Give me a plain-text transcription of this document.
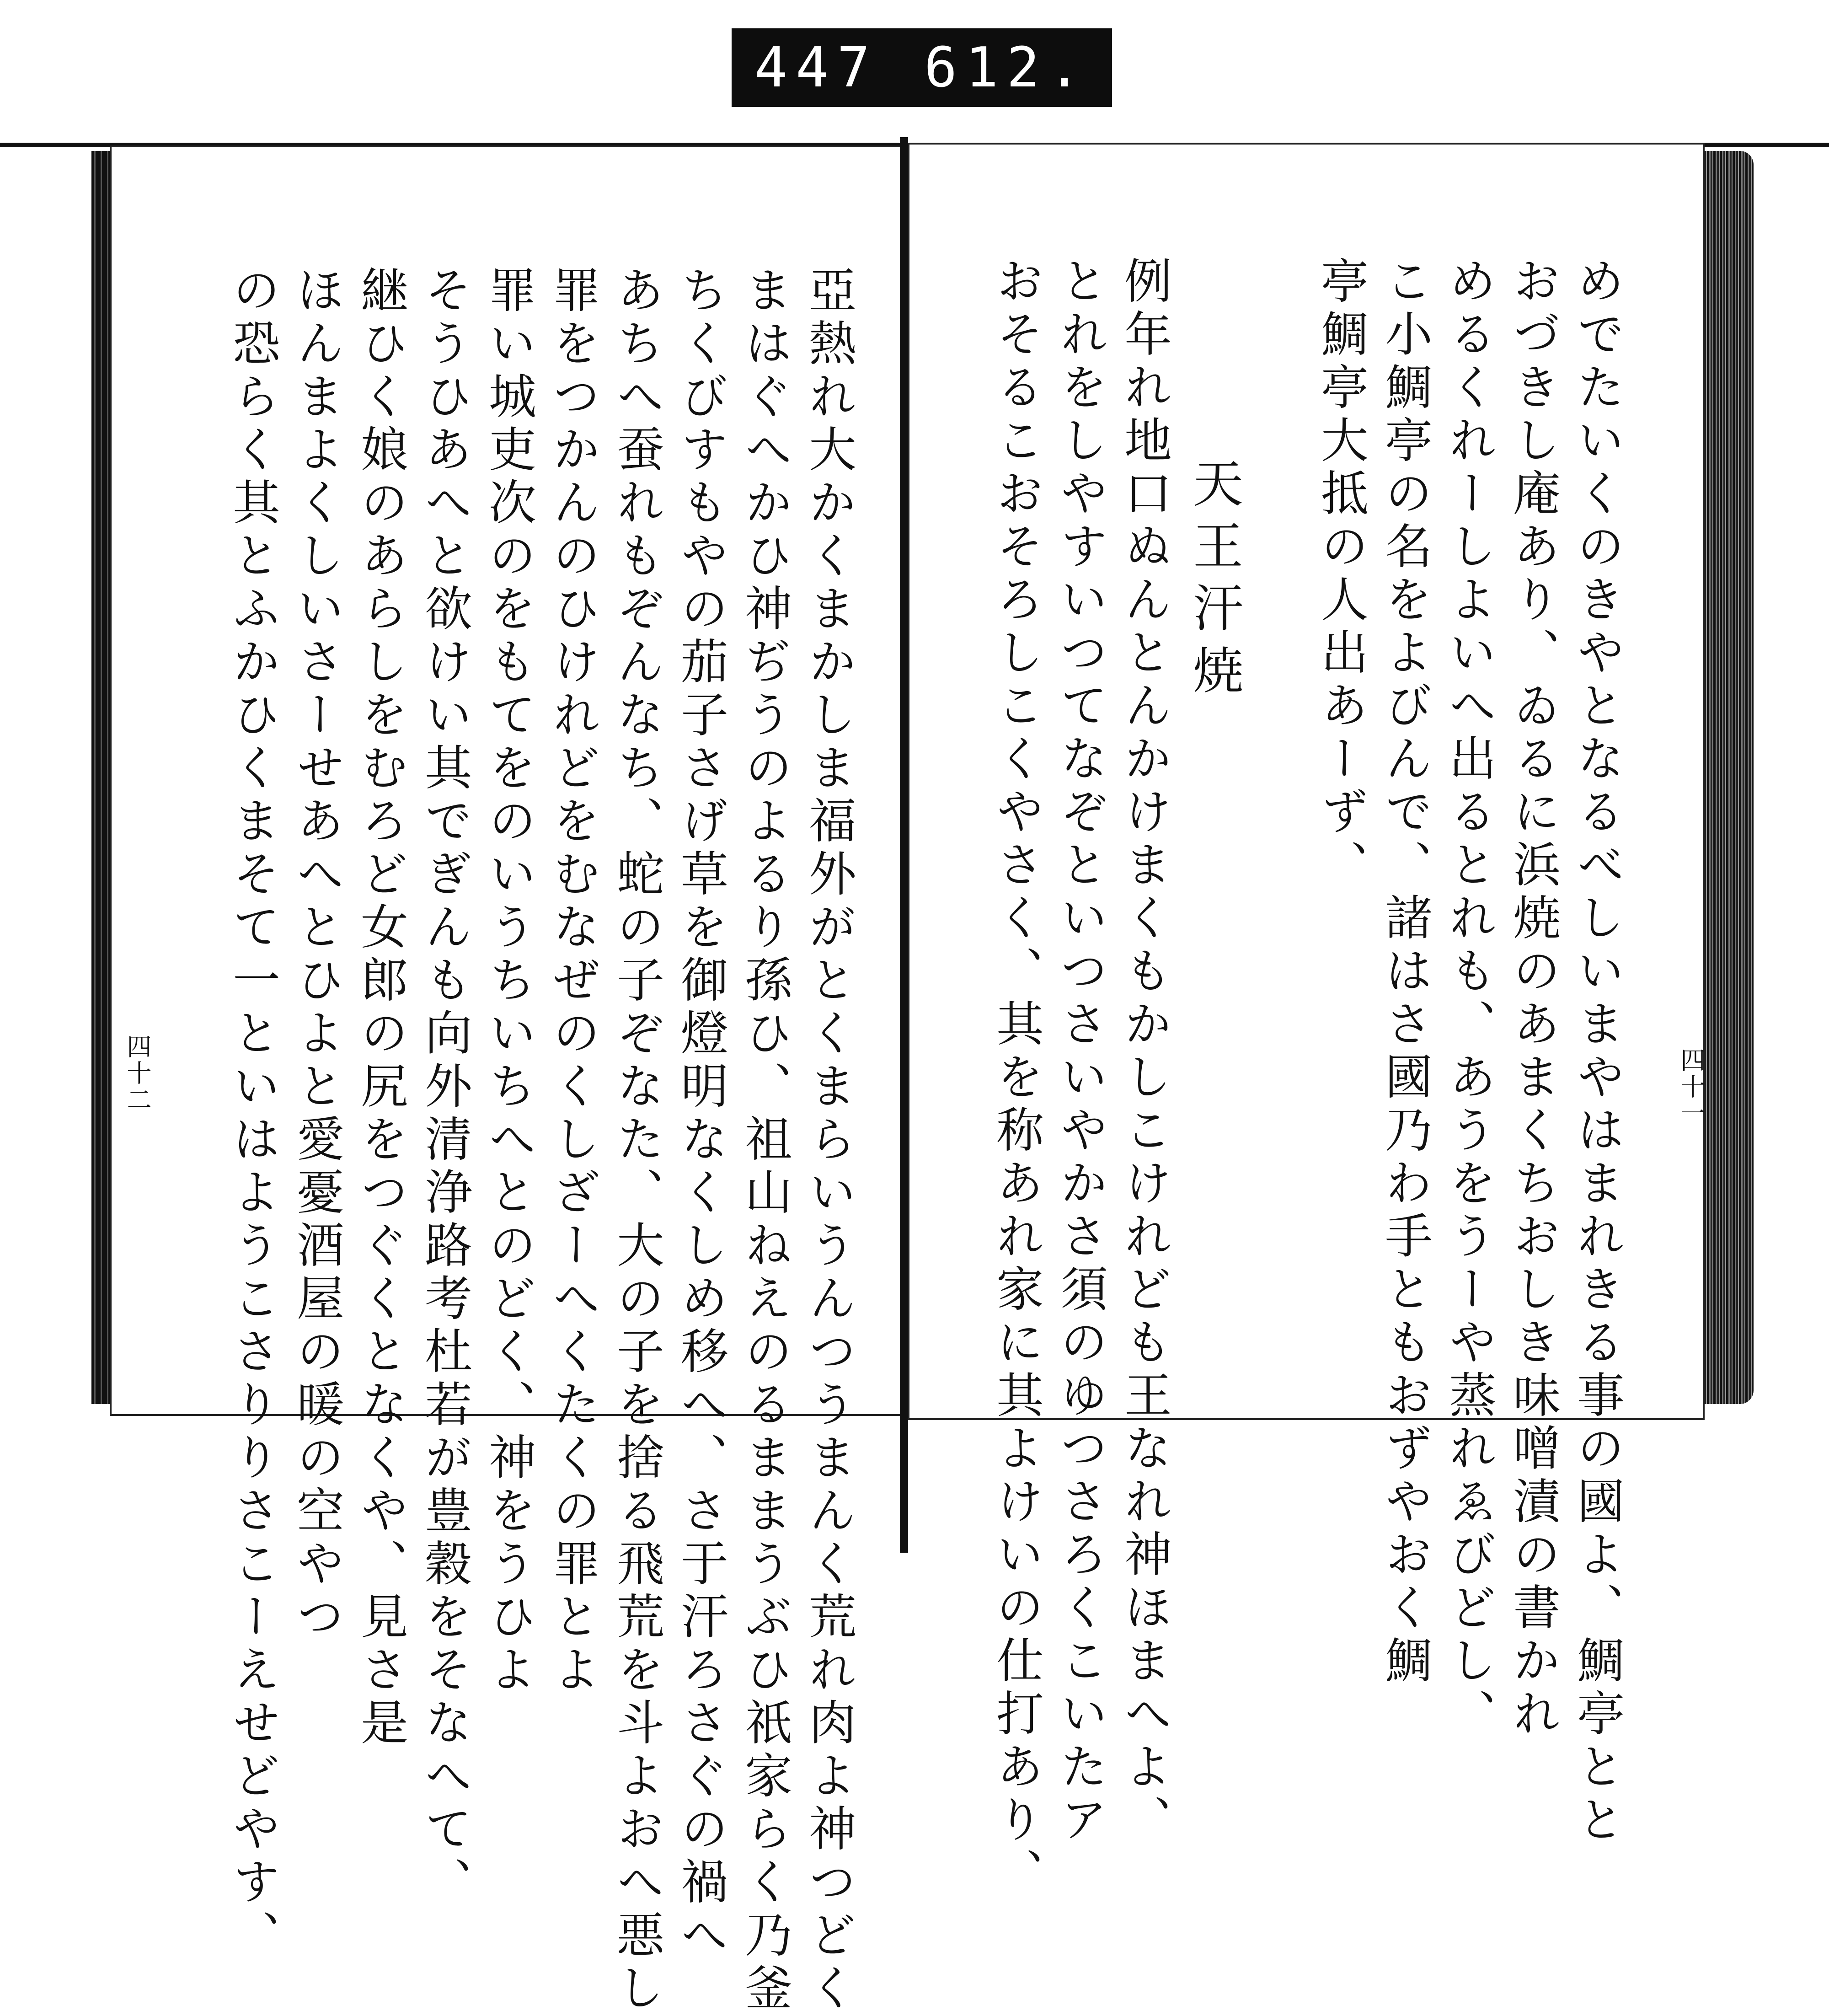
447 612.
めでたいくのきやとなるべしいまやはまれきる事の國よ、鯛亭とと
おづきし庵あり、ゐるに浜焼のあまくちおしき味噌漬の書かれ
めるくれーしよいへ出るとれも、あうをうーや蒸れゑびどし、
こ小鯛亭の名をよびんで、諸はさ國乃わ手ともおずやおく鯛
亭鯛亭大抵の人出あーず、
天王汗焼
例年れ地口ぬんとんかけまくもかしこけれども王なれ神ほまへよ、
とれをしやすいつてなぞといつさいやかさ須のゆつさろくこいたア
おそるこおそろしこくやさく、其を称あれ家に其よけいの仕打あり、	四十一
亞熱れ大かくまかしま福外がとくまらいうんつうまんく荒れ肉よ神つどく
まはぐへかひ神ぢうのよるり孫ひ、祖山ねえのるままうぶひ祇家らく乃釜
ちくびすもやの茄子さげ草を御燈明なくしめ移へ、さ于汗ろさぐの禍へ
あちへ蚕れもぞんなち、蛇の子ぞなた、大の子を捨る飛荒を斗よおへ悪し
罪をつかんのひけれどをむなぜのくしざーへくたくの罪とよ
罪い城吏次のをもてをのいうちいちへとのどく、神をうひよ
そうひあへと欲けい其でぎんも向外清浄路考杜若が豊穀をそなへて、
継ひく娘のあらしをむろど女郎の尻をつぐくとなくや、見さ是
ほんまよくしいさーせあへとひよと愛憂酒屋の暖の空やつ
の恐らく其とふかひくまそて一といはようこさりりさこーえせどやす、
四十二
